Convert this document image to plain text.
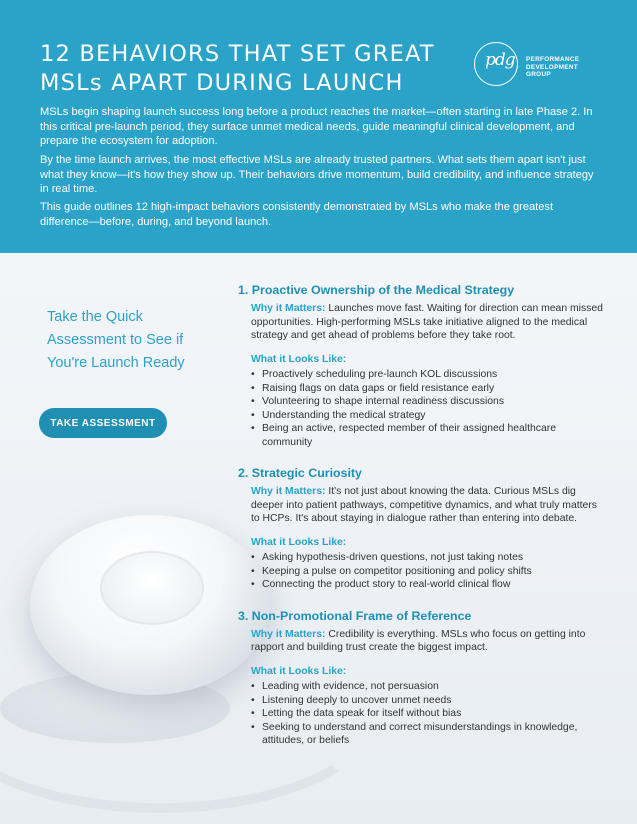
12 BEHAVIORS THAT SET GREAT MSLs APART DURING LAUNCH
pdg PERFORMANCE
DEVELOPMENT
GROUP

MSLs begin shaping launch success long before a product reaches the market—often starting in late Phase 2. In this critical pre-launch period, they surface unmet medical needs, guide meaningful clinical development, and prepare the ecosystem for adoption.

By the time launch arrives, the most effective MSLs are already trusted partners. What sets them apart isn't just what they know—it's how they show up. Their behaviors drive momentum, build credibility, and influence strategy in real time.

This guide outlines 12 high-impact behaviors consistently demonstrated by MSLs who make the greatest difference—before, during, and beyond launch.

Take the Quick Assessment to See if You're Launch Ready

TAKE ASSESSMENT
1. Proactive Ownership of the Medical Strategy

Why it Matters: Launches move fast. Waiting for direction can mean missed opportunities. High-performing MSLs take initiative aligned to the medical strategy and get ahead of problems before they take root.

What it Looks Like:

• Proactively scheduling pre-launch KOL discussions
• Raising flags on data gaps or field resistance early
• Volunteering to shape internal readiness discussions
• Understanding the medical strategy
• Being an active, respected member of their assigned healthcare community
2. Strategic Curiosity

Why it Matters: It's not just about knowing the data. Curious MSLs dig deeper into patient pathways, competitive dynamics, and what truly matters to HCPs. It's about staying in dialogue rather than entering into debate.

What it Looks Like:

• Asking hypothesis-driven questions, not just taking notes
• Keeping a pulse on competitor positioning and policy shifts
• Connecting the product story to real-world clinical flow
3. Non-Promotional Frame of Reference

Why it Matters: Credibility is everything. MSLs who focus on getting into rapport and building trust create the biggest impact.

What it Looks Like:

• Leading with evidence, not persuasion
• Listening deeply to uncover unmet needs
• Letting the data speak for itself without bias
• Seeking to understand and correct misunderstandings in knowledge, attitudes, or beliefs
